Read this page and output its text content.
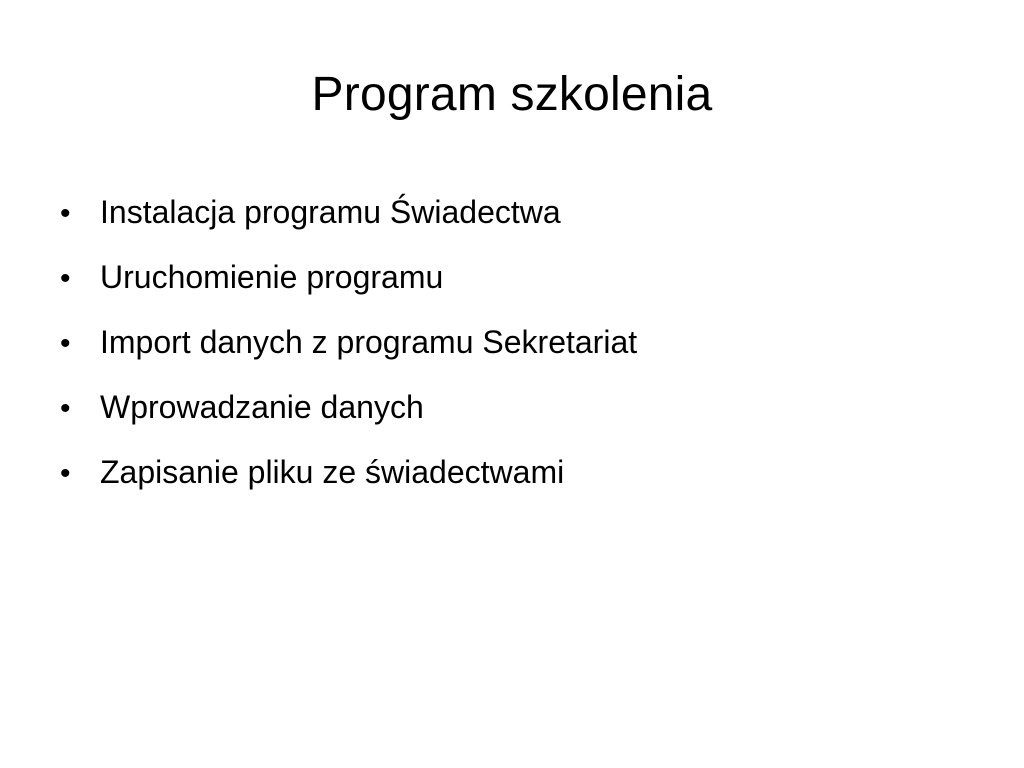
Program szkolenia
• Instalacja programu Świadectwa
• Uruchomienie programu
• Import danych z programu Sekretariat
• Wprowadzanie danych
• Zapisanie pliku ze świadectwami
